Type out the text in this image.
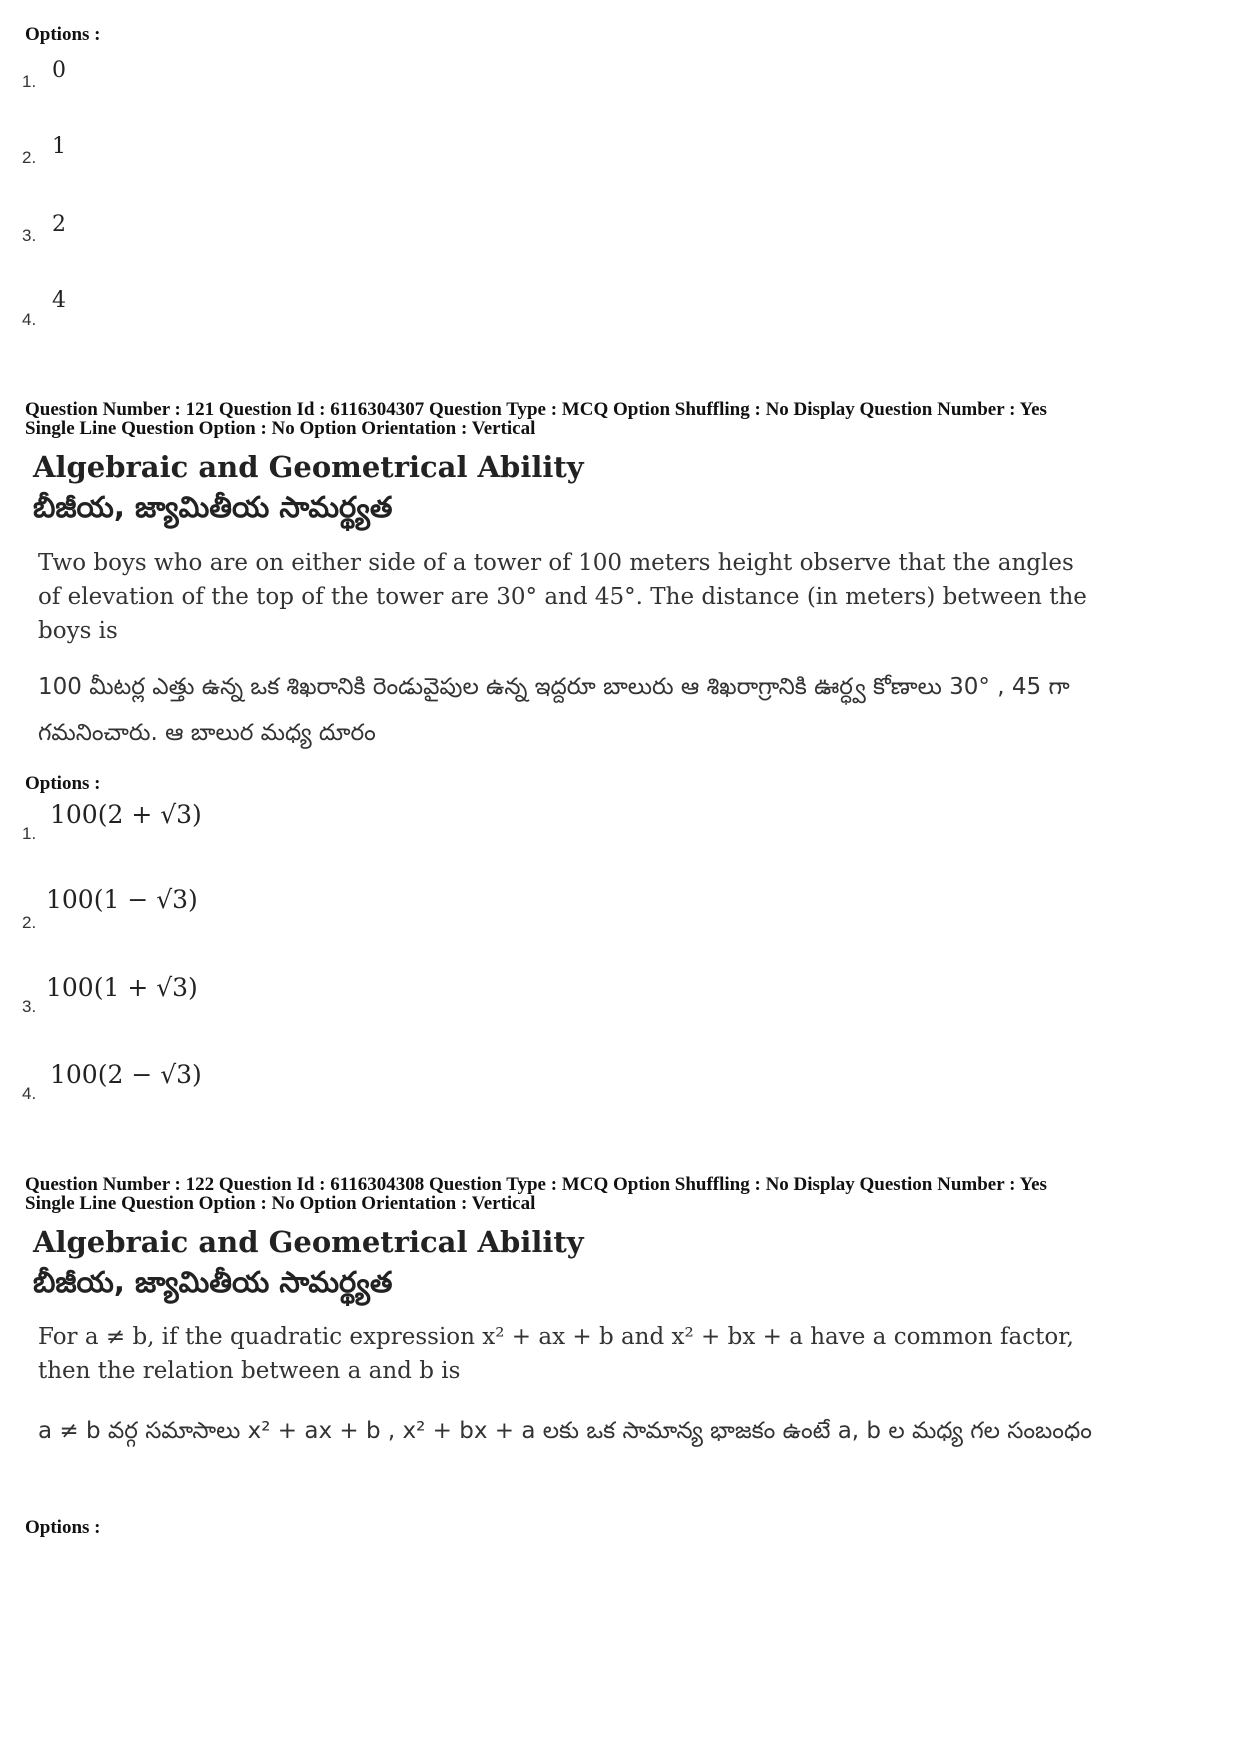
Options :
1. 0
2. 1
3. 2
4.
4
Question Number : 121 Question Id : 6116304307 Question Type : MCQ Option Shuffling : No Display Question Number : Yes
Single Line Question Option : No Option Orientation : Vertical
Algebraic and Geometrical Ability
బీజీయ, జ్యామితీయ సామర్థ్యత
Two boys who are on either side of a tower of 100 meters height observe that the angles of elevation of the top of the tower are 30° and 45°. The distance (in meters) between the boys is
100 మీటర్ల ఎత్తు ఉన్న ఒక శిఖరానికి రెండువైపుల ఉన్న ఇద్దరూ బాలురు ఆ శిఖరాగ్రానికి ఊర్ధ్వ కోణాలు 30° , 45 గా గమనించారు. ఆ బాలుర మధ్య దూరం
Options :
1.
100(2 + √3)
2.
100(1 − √3)
3.
100(1 + √3)
4.
100(2 − √3)
Question Number : 122 Question Id : 6116304308 Question Type : MCQ Option Shuffling : No Display Question Number : Yes
Single Line Question Option : No Option Orientation : Vertical
Algebraic and Geometrical Ability
బీజీయ, జ్యామితీయ సామర్థ్యత
For a ≠ b, if the quadratic expression x² + ax + b and x² + bx + a have a common factor, then the relation between a and b is
a ≠ b వర్గ సమాసాలు x² + ax + b , x² + bx + a లకు ఒక సామాన్య భాజకం ఉంటే a, b ల మధ్య గల సంబంధం
Options :
